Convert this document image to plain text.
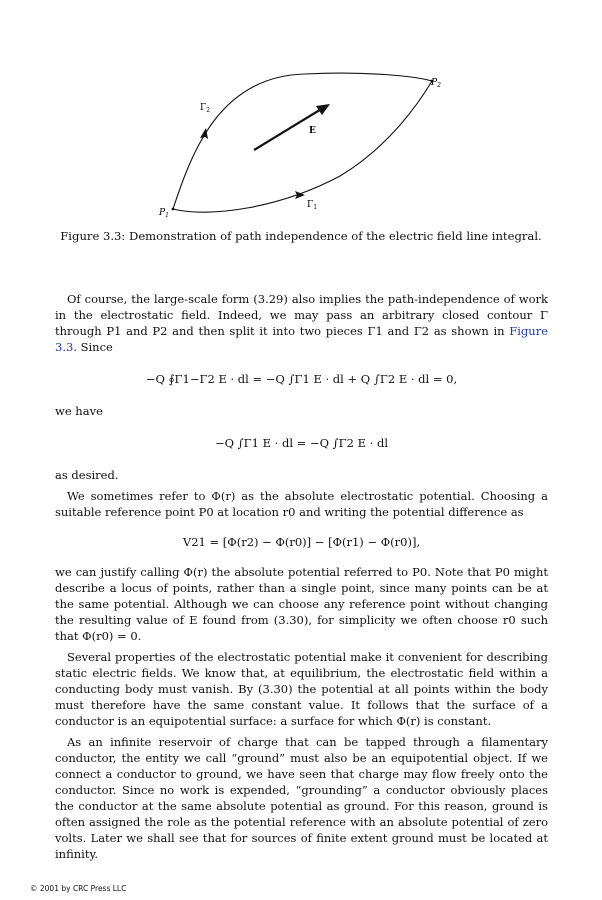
$P_1$
$P_2$
$\Gamma_1$
$\Gamma_2$
E
Figure 3.3: Demonstration of path independence of the electric field line integral.

Of course, the large-scale form (3.29) also implies the path-independence of work in the electrostatic field. Indeed, we may pass an arbitrary closed contour Γ through P1 and P2 and then split it into two pieces Γ1 and Γ2 as shown in Figure 3.3. Since

−Q ∮Γ1−Γ2 E · dl = −Q ∫Γ1 E · dl + Q ∫Γ2 E · dl = 0,

we have

−Q ∫Γ1 E · dl = −Q ∫Γ2 E · dl

as desired.

We sometimes refer to Φ(r) as the absolute electrostatic potential. Choosing a suitable reference point P0 at location r0 and writing the potential difference as

V21 = [Φ(r2) − Φ(r0)] − [Φ(r1) − Φ(r0)],

we can justify calling Φ(r) the absolute potential referred to P0. Note that P0 might describe a locus of points, rather than a single point, since many points can be at the same potential. Although we can choose any reference point without changing the resulting value of E found from (3.30), for simplicity we often choose r0 such that Φ(r0) = 0.

Several properties of the electrostatic potential make it convenient for describing static electric fields. We know that, at equilibrium, the electrostatic field within a conducting body must vanish. By (3.30) the potential at all points within the body must therefore have the same constant value. It follows that the surface of a conductor is an equipotential surface: a surface for which Φ(r) is constant.

As an infinite reservoir of charge that can be tapped through a filamentary conductor, the entity we call “ground” must also be an equipotential object. If we connect a conductor to ground, we have seen that charge may flow freely onto the conductor. Since no work is expended, “grounding” a conductor obviously places the conductor at the same absolute potential as ground. For this reason, ground is often assigned the role as the potential reference with an absolute potential of zero volts. Later we shall see that for sources of finite extent ground must be located at infinity.

© 2001 by CRC Press LLC
